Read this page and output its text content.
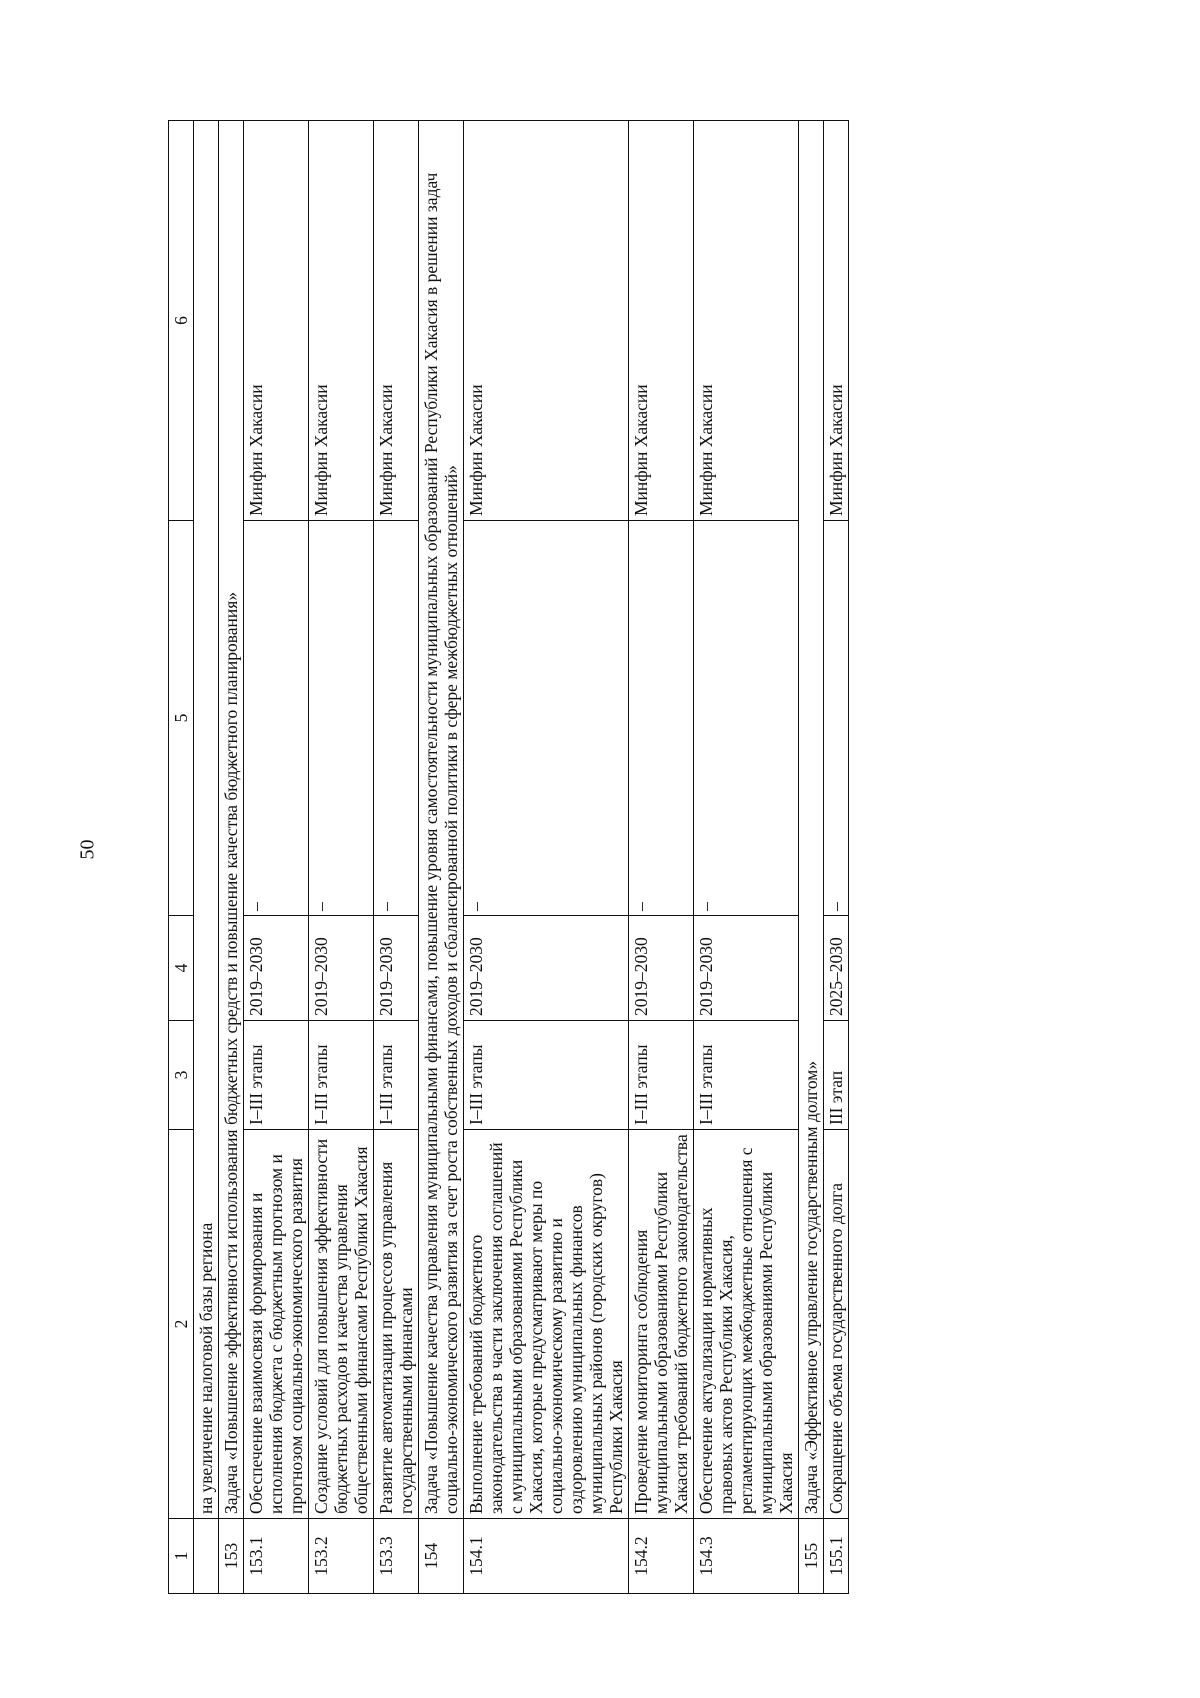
50
1	2	3	4	5	6
	на увеличение налоговой базы региона				
153	Задача «Повышение эффективности использования бюджетных средств и повышение качества бюджетного планирования»				
153.1	Обеспечение взаимосвязи формирования и исполнения бюджета с бюджетным прогнозом и прогнозом социально-экономического развития	I–III этапы	2019–2030	–	Минфин Хакасии
153.2	Создание условий для повышения эффективности бюджетных расходов и качества управления общественными финансами Республики Хакасия	I–III этапы	2019–2030	–	Минфин Хакасии
153.3	Развитие автоматизации процессов управления государственными финансами	I–III этапы	2019–2030	–	Минфин Хакасии
154	Задача «Повышение качества управления муниципальными финансами, повышение уровня самостоятельности муниципальных образований Республики Хакасия в решении задач социально-экономического развития за счет роста собственных доходов и сбалансированной политики в сфере межбюджетных отношений»				
154.1	Выполнение требований бюджетного законодательства в части заключения соглашений с муниципальными образованиями Республики Хакасия, которые предусматривают меры по социально-экономическому развитию и оздоровлению муниципальных финансов муниципальных районов (городских округов) Республики Хакасия	I–III этапы	2019–2030	–	Минфин Хакасии
154.2	Проведение мониторинга соблюдения муниципальными образованиями Республики Хакасия требований бюджетного законодательства	I–III этапы	2019–2030	–	Минфин Хакасии
154.3	Обеспечение актуализации нормативных правовых актов Республики Хакасия, регламентирующих межбюджетные отношения с муниципальными образованиями Республики Хакасия	I–III этапы	2019–2030	–	Минфин Хакасии
155	Задача «Эффективное управление государственным долгом»				
155.1	Сокращение объема государственного долга	III этап	2025–2030	–	Минфин Хакасии
